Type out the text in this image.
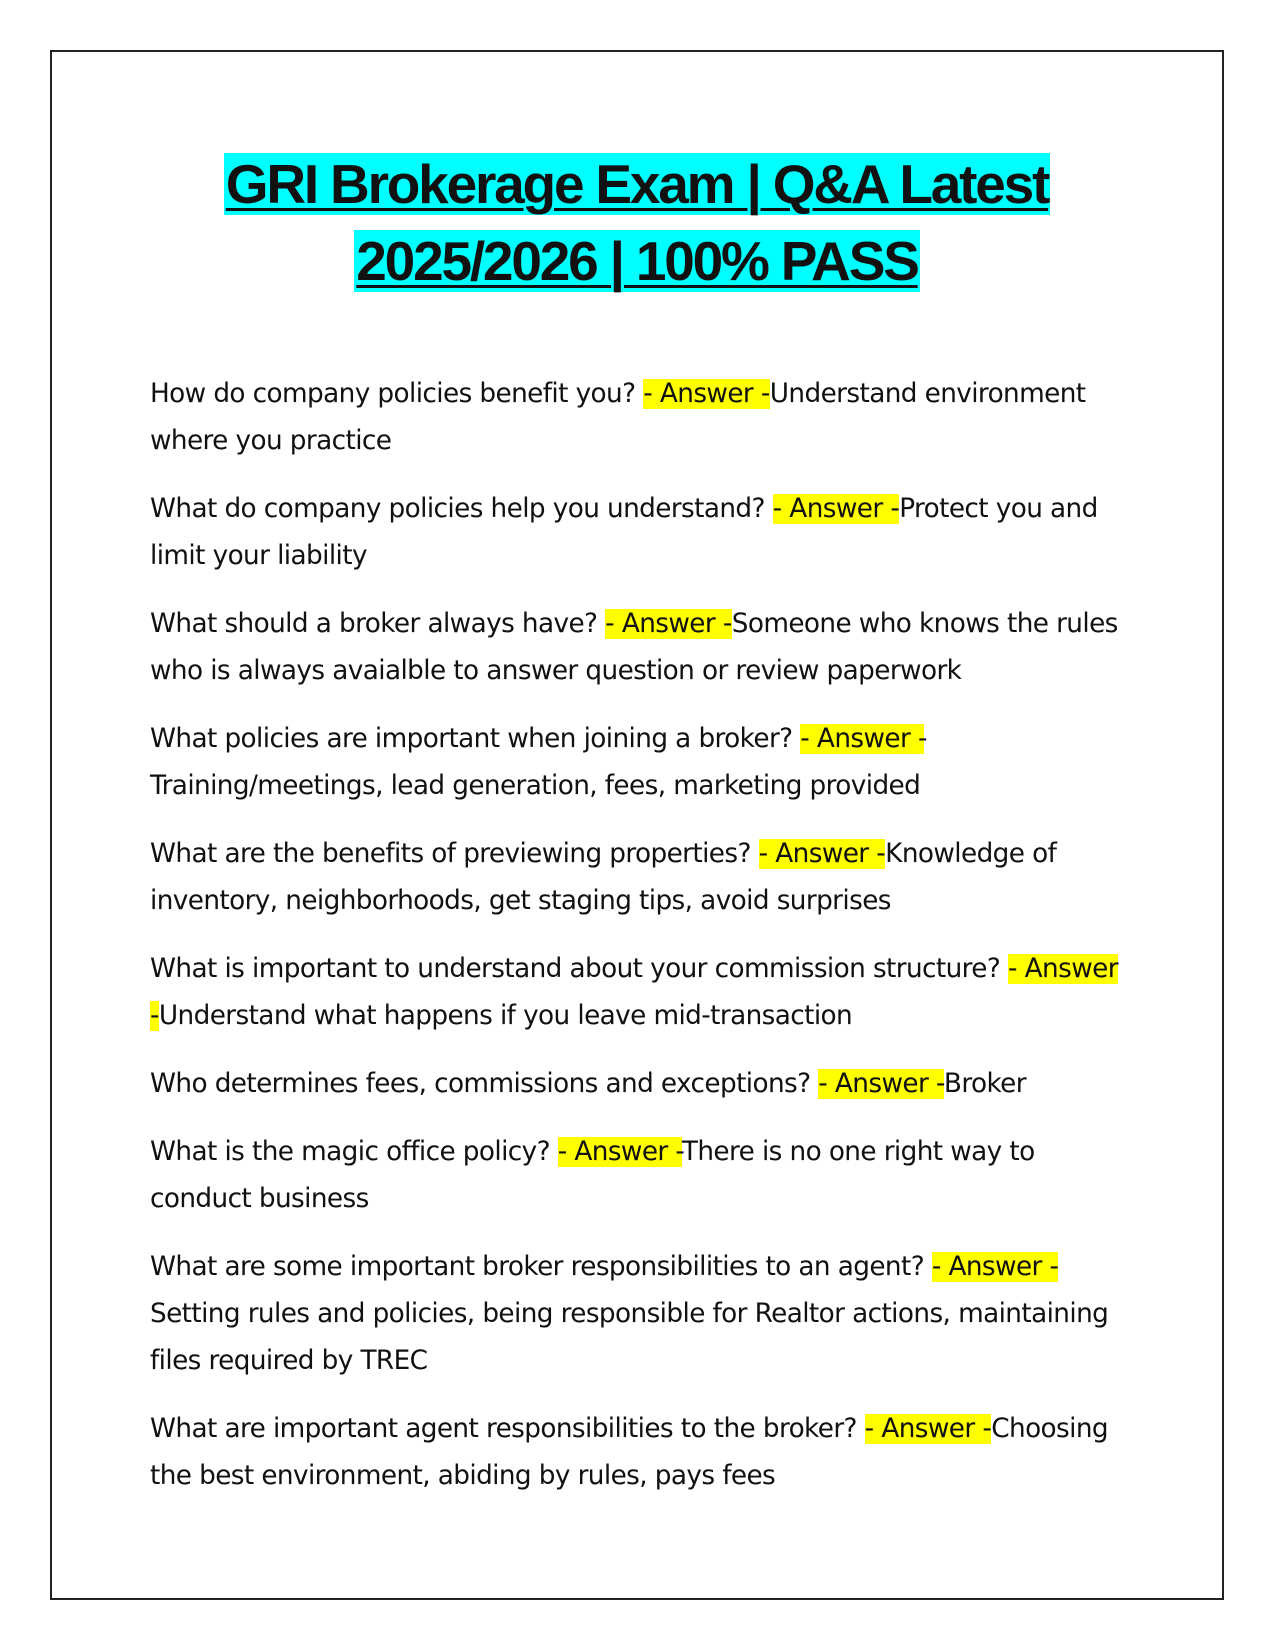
GRI Brokerage Exam | Q&A Latest
2025/2026 | 100% PASS
How do company policies benefit you? - Answer -Understand environment where you practice
What do company policies help you understand? - Answer -Protect you and limit your liability
What should a broker always have? - Answer -Someone who knows the rules who is always avaialble to answer question or review paperwork
What policies are important when joining a broker? - Answer -Training/meetings, lead generation, fees, marketing provided
What are the benefits of previewing properties? - Answer -Knowledge of inventory, neighborhoods, get staging tips, avoid surprises
What is important to understand about your commission structure? - Answer -Understand what happens if you leave mid-transaction
Who determines fees, commissions and exceptions? - Answer -Broker
What is the magic office policy? - Answer -There is no one right way to conduct business
What are some important broker responsibilities to an agent? - Answer -Setting rules and policies, being responsible for Realtor actions, maintaining files required by TREC
What are important agent responsibilities to the broker? - Answer -Choosing the best environment, abiding by rules, pays fees
